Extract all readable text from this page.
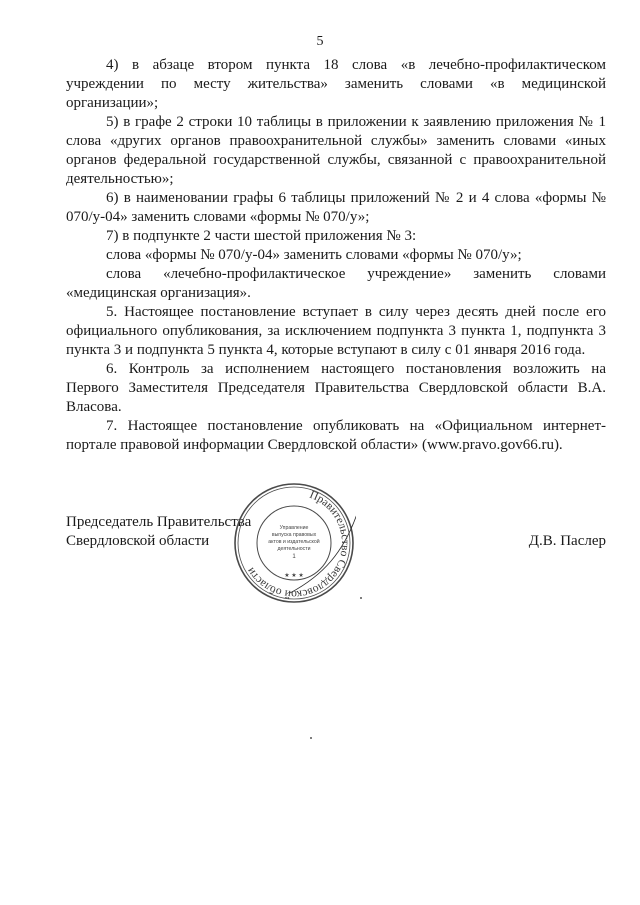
5

4) в абзаце втором пункта 18 слова «в лечебно-профилактическом учреждении по месту жительства» заменить словами «в медицинской организации»;

5) в графе 2 строки 10 таблицы в приложении к заявлению приложения № 1 слова «других органов правоохранительной службы» заменить словами «иных органов федеральной государственной службы, связанной с правоохранительной деятельностью»;

6) в наименовании графы 6 таблицы приложений № 2 и 4 слова «формы № 070/у-04» заменить словами «формы № 070/у»;

7) в подпункте 2 части шестой приложения № 3:

слова «формы № 070/у-04» заменить словами «формы № 070/у»;

слова «лечебно-профилактическое учреждение» заменить словами «медицинская организация».

5. Настоящее постановление вступает в силу через десять дней после его официального опубликования, за исключением подпункта 3 пункта 1, подпункта 3 пункта 3 и подпункта 5 пункта 4, которые вступают в силу с 01 января 2016 года.

6. Контроль за исполнением настоящего постановления возложить на Первого Заместителя Председателя Правительства Свердловской области В.А. Власова.

7. Настоящее постановление опубликовать на «Официальном интернет-портале правовой информации Свердловской области» (www.pravo.gov66.ru).

Председатель Правительства
Свердловской области
Правительство Свердловской области
Управление
выпуска правовых
актов и издательской
деятельности
1
★ ★ ★
Д.В. Паслер
